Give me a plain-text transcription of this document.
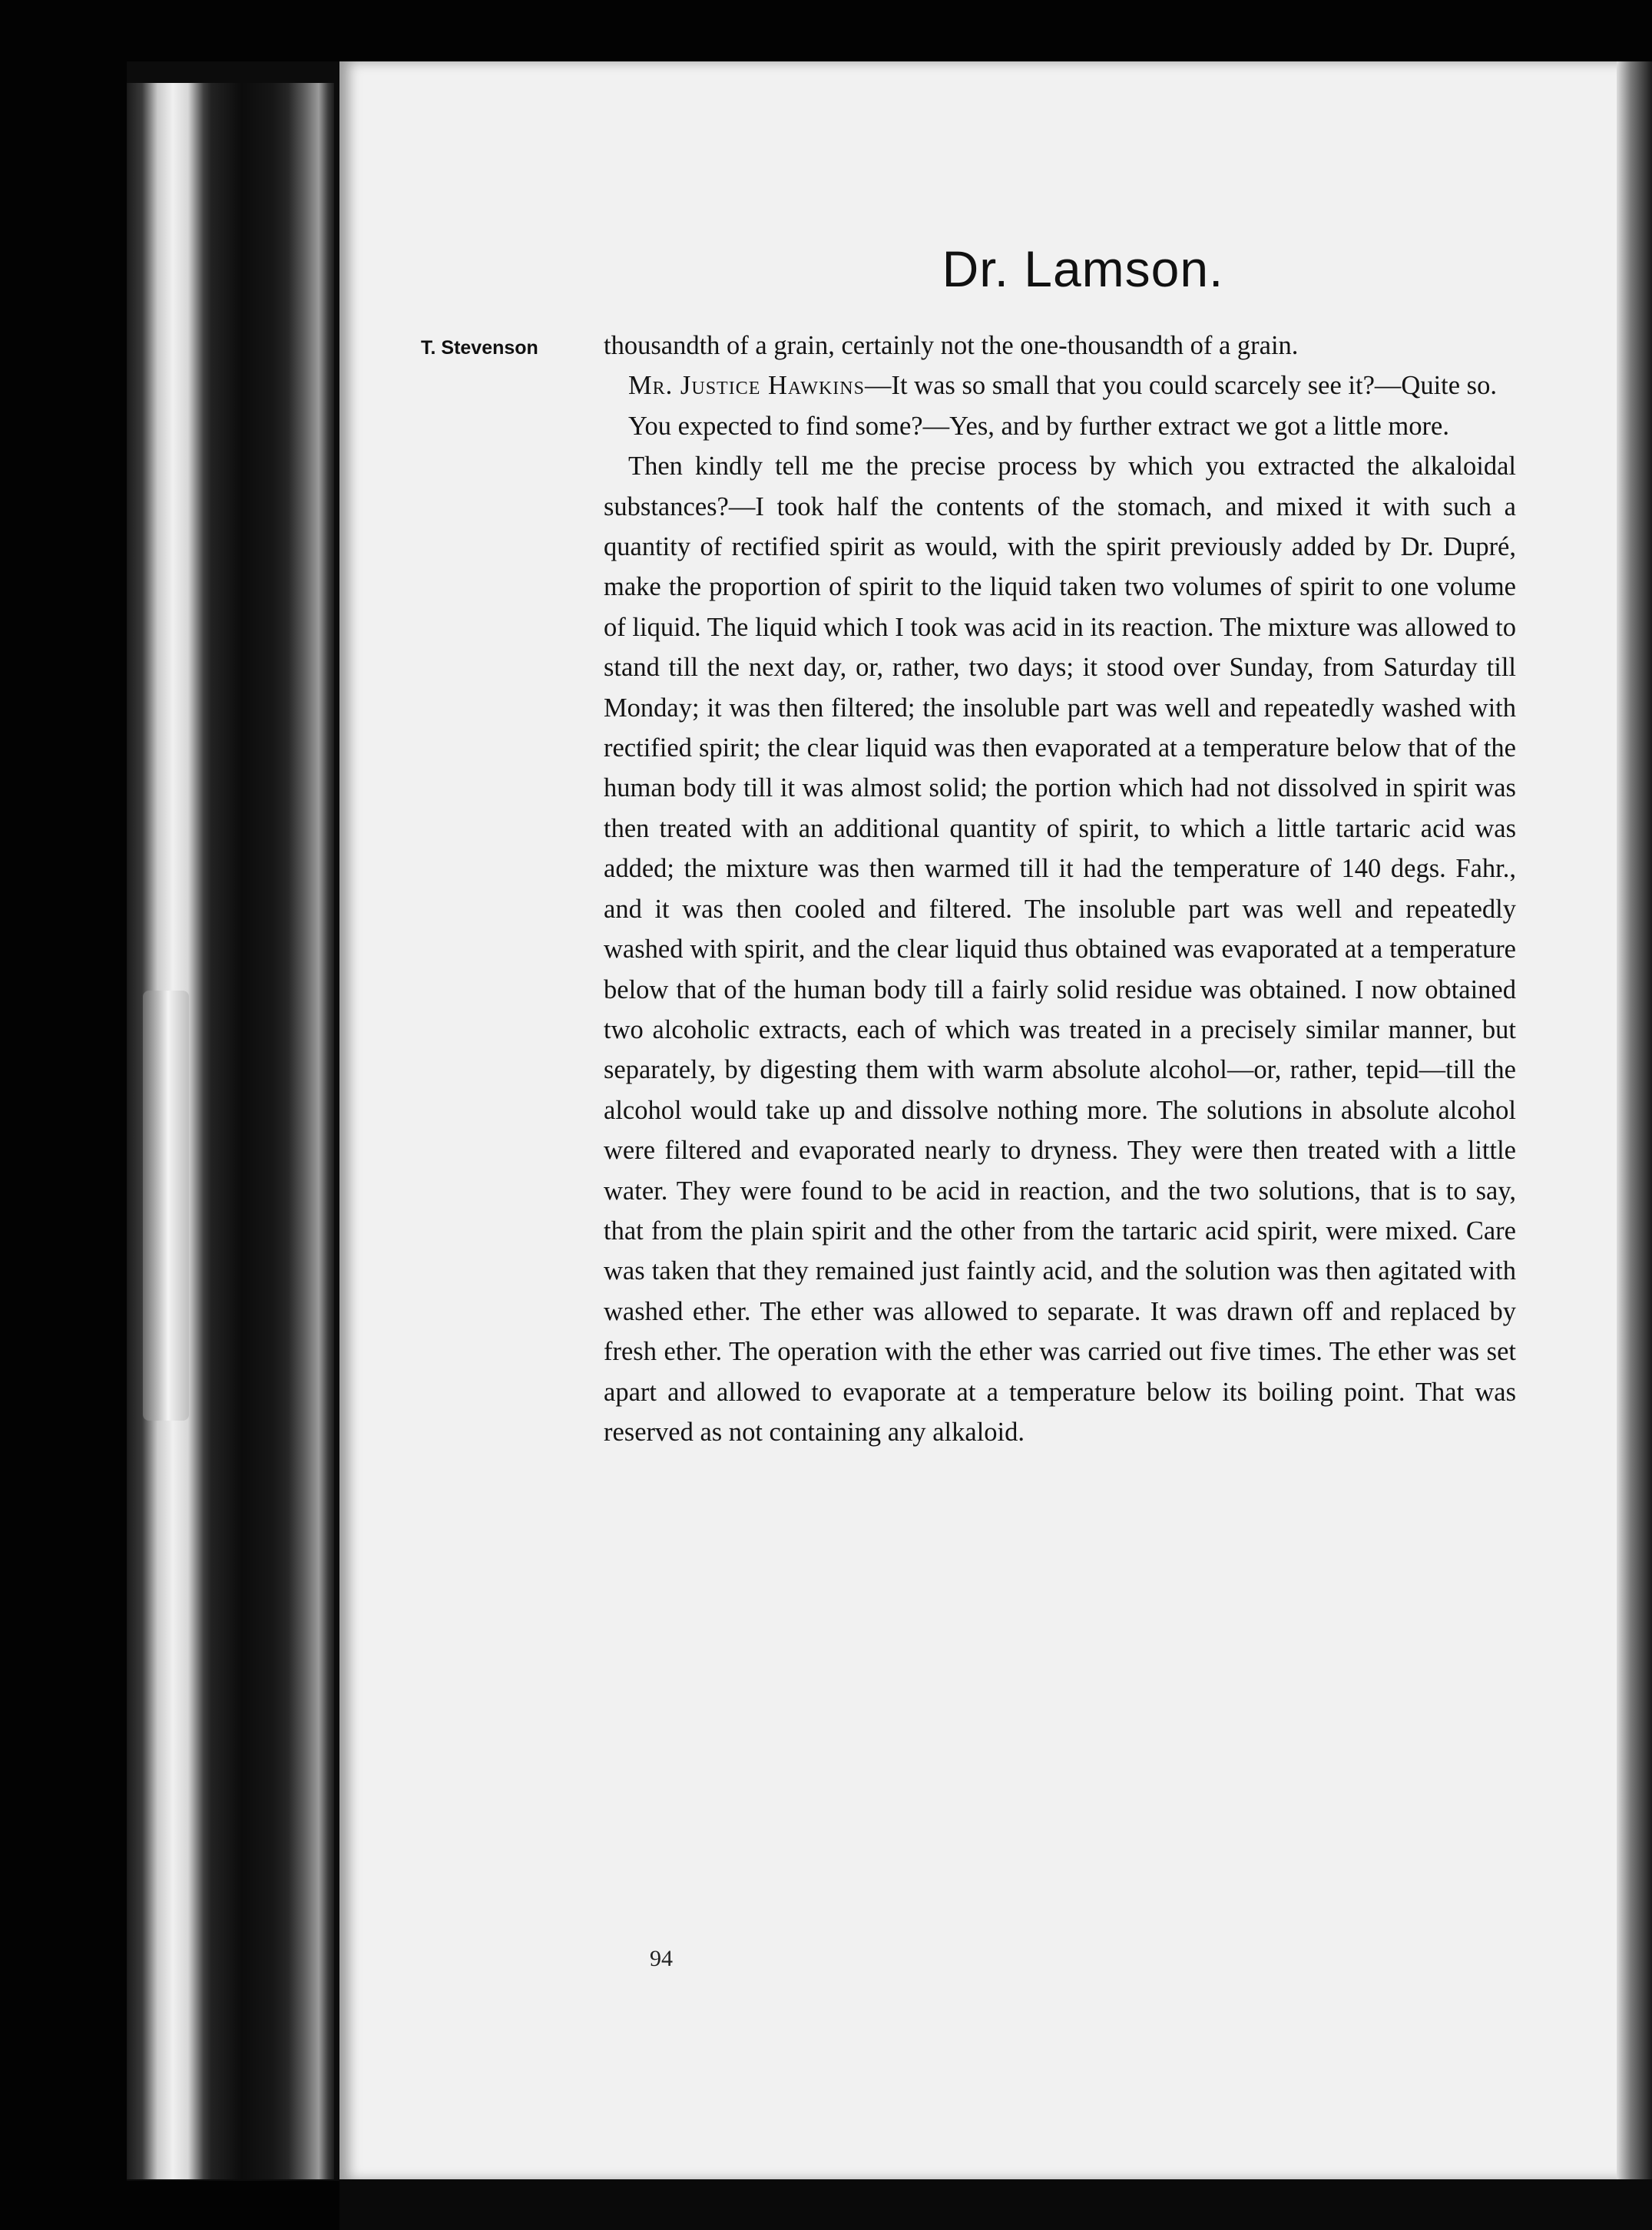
Dr. Lamson.
T. Stevenson	thousandth of a grain, certainly not the one-thousandth of a grain.

Mr. Justice Hawkins—It was so small that you could scarcely see it?—Quite so.

You expected to find some?—Yes, and by further extract we got a little more.

Then kindly tell me the precise process by which you extracted the alkaloidal substances?—I took half the contents of the stomach, and mixed it with such a quantity of rectified spirit as would, with the spirit previously added by Dr. Dupré, make the proportion of spirit to the liquid taken two volumes of spirit to one volume of liquid. The liquid which I took was acid in its reaction. The mixture was allowed to stand till the next day, or, rather, two days; it stood over Sunday, from Saturday till Monday; it was then filtered; the insoluble part was well and repeatedly washed with rectified spirit; the clear liquid was then evaporated at a temperature below that of the human body till it was almost solid; the portion which had not dissolved in spirit was then treated with an additional quantity of spirit, to which a little tartaric acid was added; the mixture was then warmed till it had the temperature of 140 degs. Fahr., and it was then cooled and filtered. The insoluble part was well and repeatedly washed with spirit, and the clear liquid thus obtained was evaporated at a temperature below that of the human body till a fairly solid residue was obtained. I now obtained two alcoholic extracts, each of which was treated in a precisely similar manner, but separately, by digesting them with warm absolute alcohol—or, rather, tepid—till the alcohol would take up and dissolve nothing more. The solutions in absolute alcohol were filtered and evaporated nearly to dryness. They were then treated with a little water. They were found to be acid in reaction, and the two solutions, that is to say, that from the plain spirit and the other from the tartaric acid spirit, were mixed. Care was taken that they remained just faintly acid, and the solution was then agitated with washed ether. The ether was allowed to separate. It was drawn off and replaced by fresh ether. The operation with the ether was carried out five times. The ether was set apart and allowed to evaporate at a temperature below its boiling point. That was reserved as not containing any alkaloid.

94
